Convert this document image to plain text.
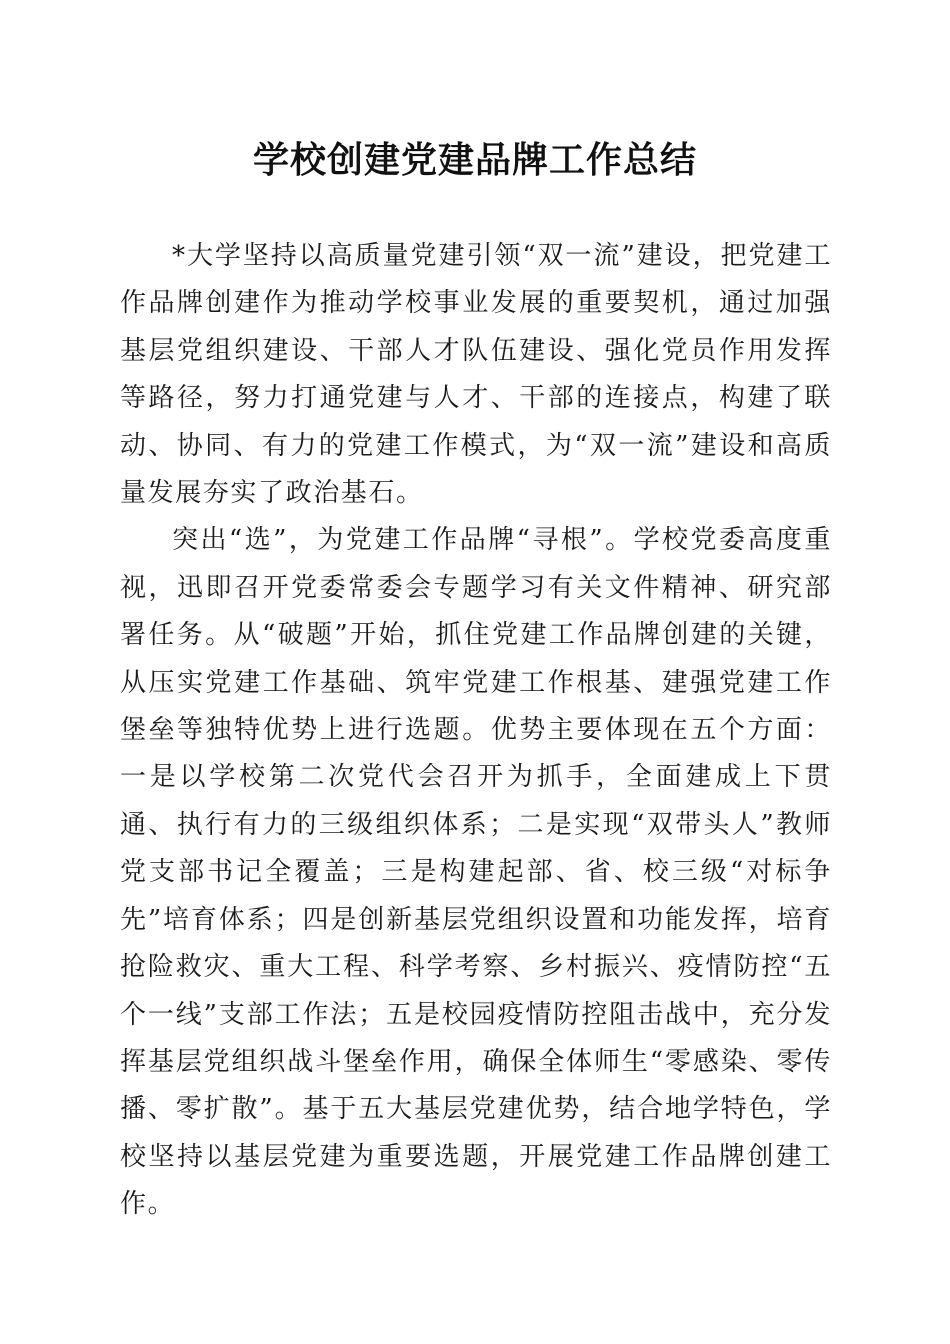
学校创建党建品牌工作总结

*大学坚持以高质量党建引领“双一流”建设，把党建工作品牌创建作为推动学校事业发展的重要契机，通过加强基层党组织建设、干部人才队伍建设、强化党员作用发挥等路径，努力打通党建与人才、干部的连接点，构建了联动、协同、有力的党建工作模式，为“双一流”建设和高质量发展夯实了政治基石。

突出“选”，为党建工作品牌“寻根”。学校党委高度重视，迅即召开党委常委会专题学习有关文件精神、研究部署任务。从“破题”开始，抓住党建工作品牌创建的关键，从压实党建工作基础、筑牢党建工作根基、建强党建工作堡垒等独特优势上进行选题。优势主要体现在五个方面：一是以学校第二次党代会召开为抓手，全面建成上下贯通、执行有力的三级组织体系；二是实现“双带头人”教师党支部书记全覆盖；三是构建起部、省、校三级“对标争先”培育体系；四是创新基层党组织设置和功能发挥，培育抢险救灾、重大工程、科学考察、乡村振兴、疫情防控“五个一线”支部工作法；五是校园疫情防控阻击战中，充分发挥基层党组织战斗堡垒作用，确保全体师生“零感染、零传播、零扩散”。基于五大基层党建优势，结合地学特色，学校坚持以基层党建为重要选题，开展党建工作品牌创建工作。
